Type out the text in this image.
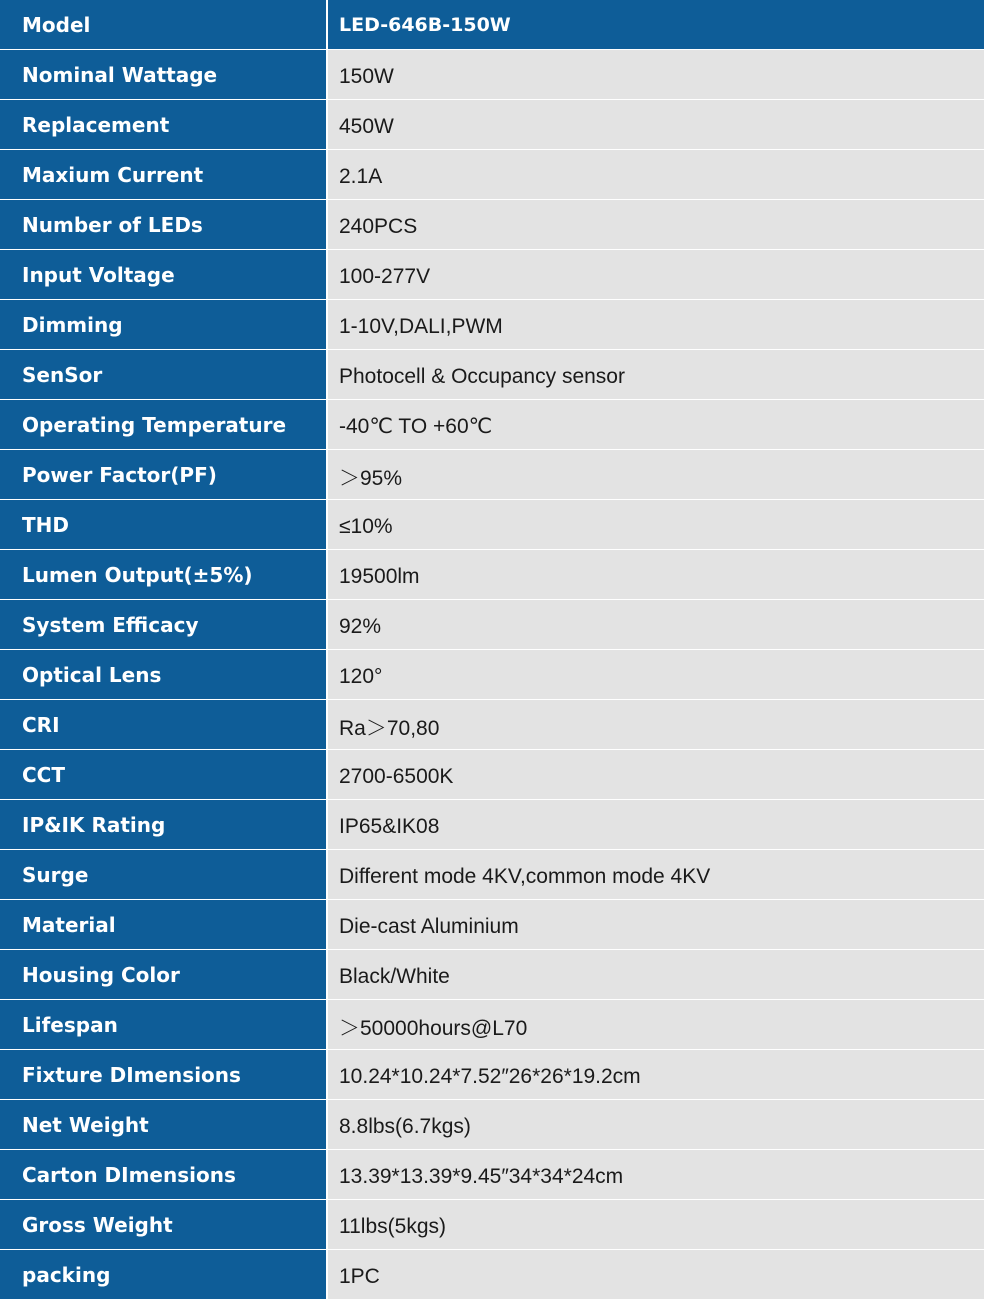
Model	LED-646B-150W
Nominal Wattage	150W
Replacement	450W
Maxium Current	2.1A
Number of LEDs	240PCS
Input Voltage	100-277V
Dimming	1-10V,DALI,PWM
SenSor	Photocell & Occupancy sensor
Operating Temperature	-40℃ TO +60℃
Power Factor(PF)	＞95%
THD	≤10%
Lumen Output(±5%)	19500lm
System Efficacy	92%
Optical Lens	120°
CRI	Ra＞70,80
CCT	2700-6500K
IP&IK Rating	IP65&IK08
Surge	Different mode 4KV,common mode 4KV
Material	Die-cast Aluminium
Housing Color	Black/White
Lifespan	＞50000hours@L70
Fixture DImensions	10.24*10.24*7.52″26*26*19.2cm
Net Weight	8.8lbs(6.7kgs)
Carton DImensions	13.39*13.39*9.45″34*34*24cm
Gross Weight	11lbs(5kgs)
packing	1PC
